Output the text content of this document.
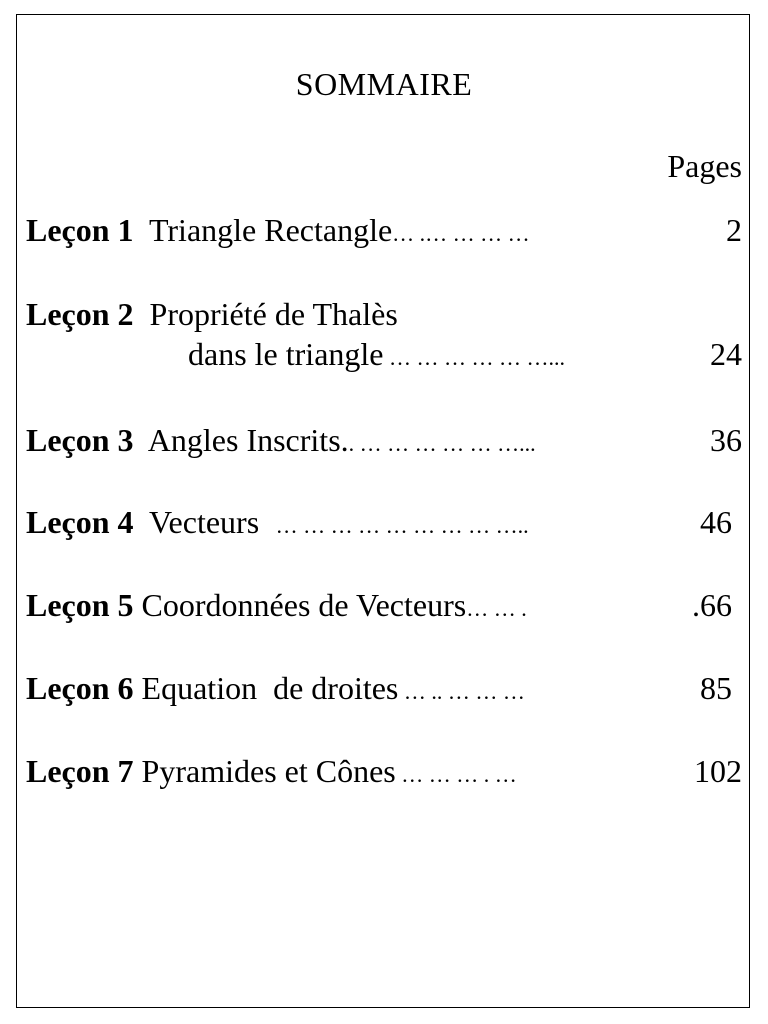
SOMMAIRE
Pages
Leçon 1  Triangle Rectangle… .… … … …	2
Leçon 2  Propriété de Thalès
dans le triangle … … … … … …...	24
Leçon 3  Angles Inscrits.. … … … … … …...	36
Leçon 4  Vecteurs   … … … … … … … … …..	46
Leçon 5 Coordonnées de Vecteurs… … .	.66
Leçon 6 Equation  de droites … .. … … …	85
Leçon 7 Pyramides et Cônes … … … . …	102
